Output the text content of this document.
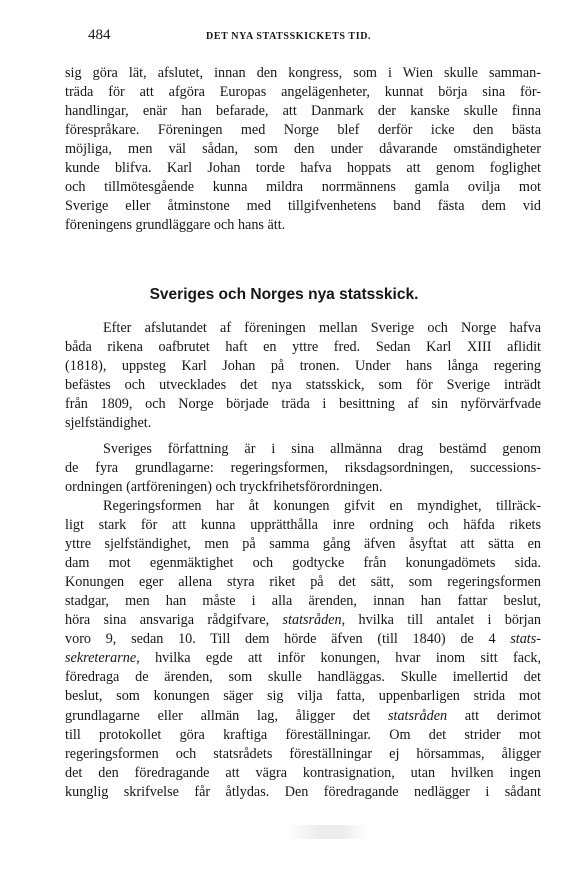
484	DET NYA STATSSKICKETS TID.
sig göra lät, afslutet, innan den kongress, som i Wien skulle samman-
träda för att afgöra Europas angelägenheter, kunnat börja sina för-
handlingar, enär han befarade, att Danmark der kanske skulle finna
förespråkare. Föreningen med Norge blef derför icke den bästa
möjliga, men väl sådan, som den under dåvarande omständigheter
kunde blifva. Karl Johan torde hafva hoppats att genom foglighet
och tillmötesgående kunna mildra norrmännens gamla ovilja mot
Sverige eller åtminstone med tillgifvenhetens band fästa dem vid
föreningens grundläggare och hans ätt.
Sveriges och Norges nya statsskick.
Efter afslutandet af föreningen mellan Sverige och Norge hafva
båda rikena oafbrutet haft en yttre fred. Sedan Karl XIII aflidit
(1818), uppsteg Karl Johan på tronen. Under hans långa regering
befästes och utvecklades det nya statsskick, som för Sverige inträdt
från 1809, och Norge började träda i besittning af sin nyförvärfvade
sjelfständighet.
Sveriges författning är i sina allmänna drag bestämd genom
de fyra grundlagarne: regeringsformen, riksdagsordningen, successions-
ordningen (artföreningen) och tryckfrihetsförordningen.
Regeringsformen har åt konungen gifvit en myndighet, tillräck-
ligt stark för att kunna upprätthålla inre ordning och häfda rikets
yttre sjelfständighet, men på samma gång äfven åsyftat att sätta en
dam mot egenmäktighet och godtycke från konungadömets sida.
Konungen eger allena styra riket på det sätt, som regeringsformen
stadgar, men han måste i alla ärenden, innan han fattar beslut,
höra sina ansvariga rådgifvare, statsråden, hvilka till antalet i början
voro 9, sedan 10. Till dem hörde äfven (till 1840) de 4 stats-
sekreterarne, hvilka egde att inför konungen, hvar inom sitt fack,
föredraga de ärenden, som skulle handläggas. Skulle imellertid det
beslut, som konungen säger sig vilja fatta, uppenbarligen strida mot
grundlagarne eller allmän lag, åligger det statsråden att derimot
till protokollet göra kraftiga föreställningar. Om det strider mot
regeringsformen och statsrådets föreställningar ej hörsammas, åligger
det den föredragande att vägra kontrasignation, utan hvilken ingen
kunglig skrifvelse får åtlydas. Den föredragande nedlägger i sådant
